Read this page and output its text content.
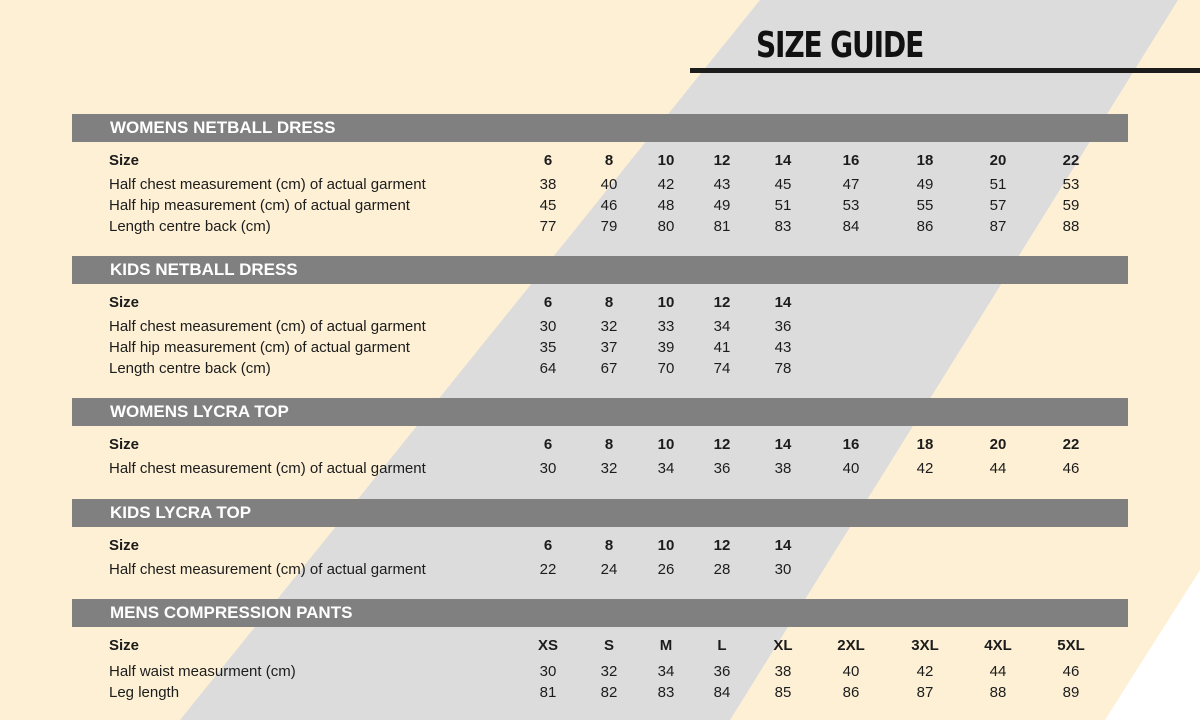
SIZE GUIDE
WOMENS NETBALL DRESS
Size	6	8	10	12	14	16	18	20	22
Half chest measurement (cm) of actual garment	38	40	42	43	45	47	49	51	53
Half hip measurement (cm) of actual garment	45	46	48	49	51	53	55	57	59
Length centre back (cm)	77	79	80	81	83	84	86	87	88
KIDS NETBALL DRESS
Size	6	8	10	12	14
Half chest measurement (cm) of actual garment	30	32	33	34	36
Half hip measurement (cm) of actual garment	35	37	39	41	43
Length centre back (cm)	64	67	70	74	78
WOMENS LYCRA TOP
Size	6	8	10	12	14	16	18	20	22
Half chest measurement (cm) of actual garment	30	32	34	36	38	40	42	44	46
KIDS LYCRA TOP
Size	6	8	10	12	14
Half chest measurement (cm) of actual garment	22	24	26	28	30
MENS COMPRESSION PANTS
Size	XS	S	M	L	XL	2XL	3XL	4XL	5XL
Half waist measurment (cm)	30	32	34	36	38	40	42	44	46
Leg length	81	82	83	84	85	86	87	88	89
